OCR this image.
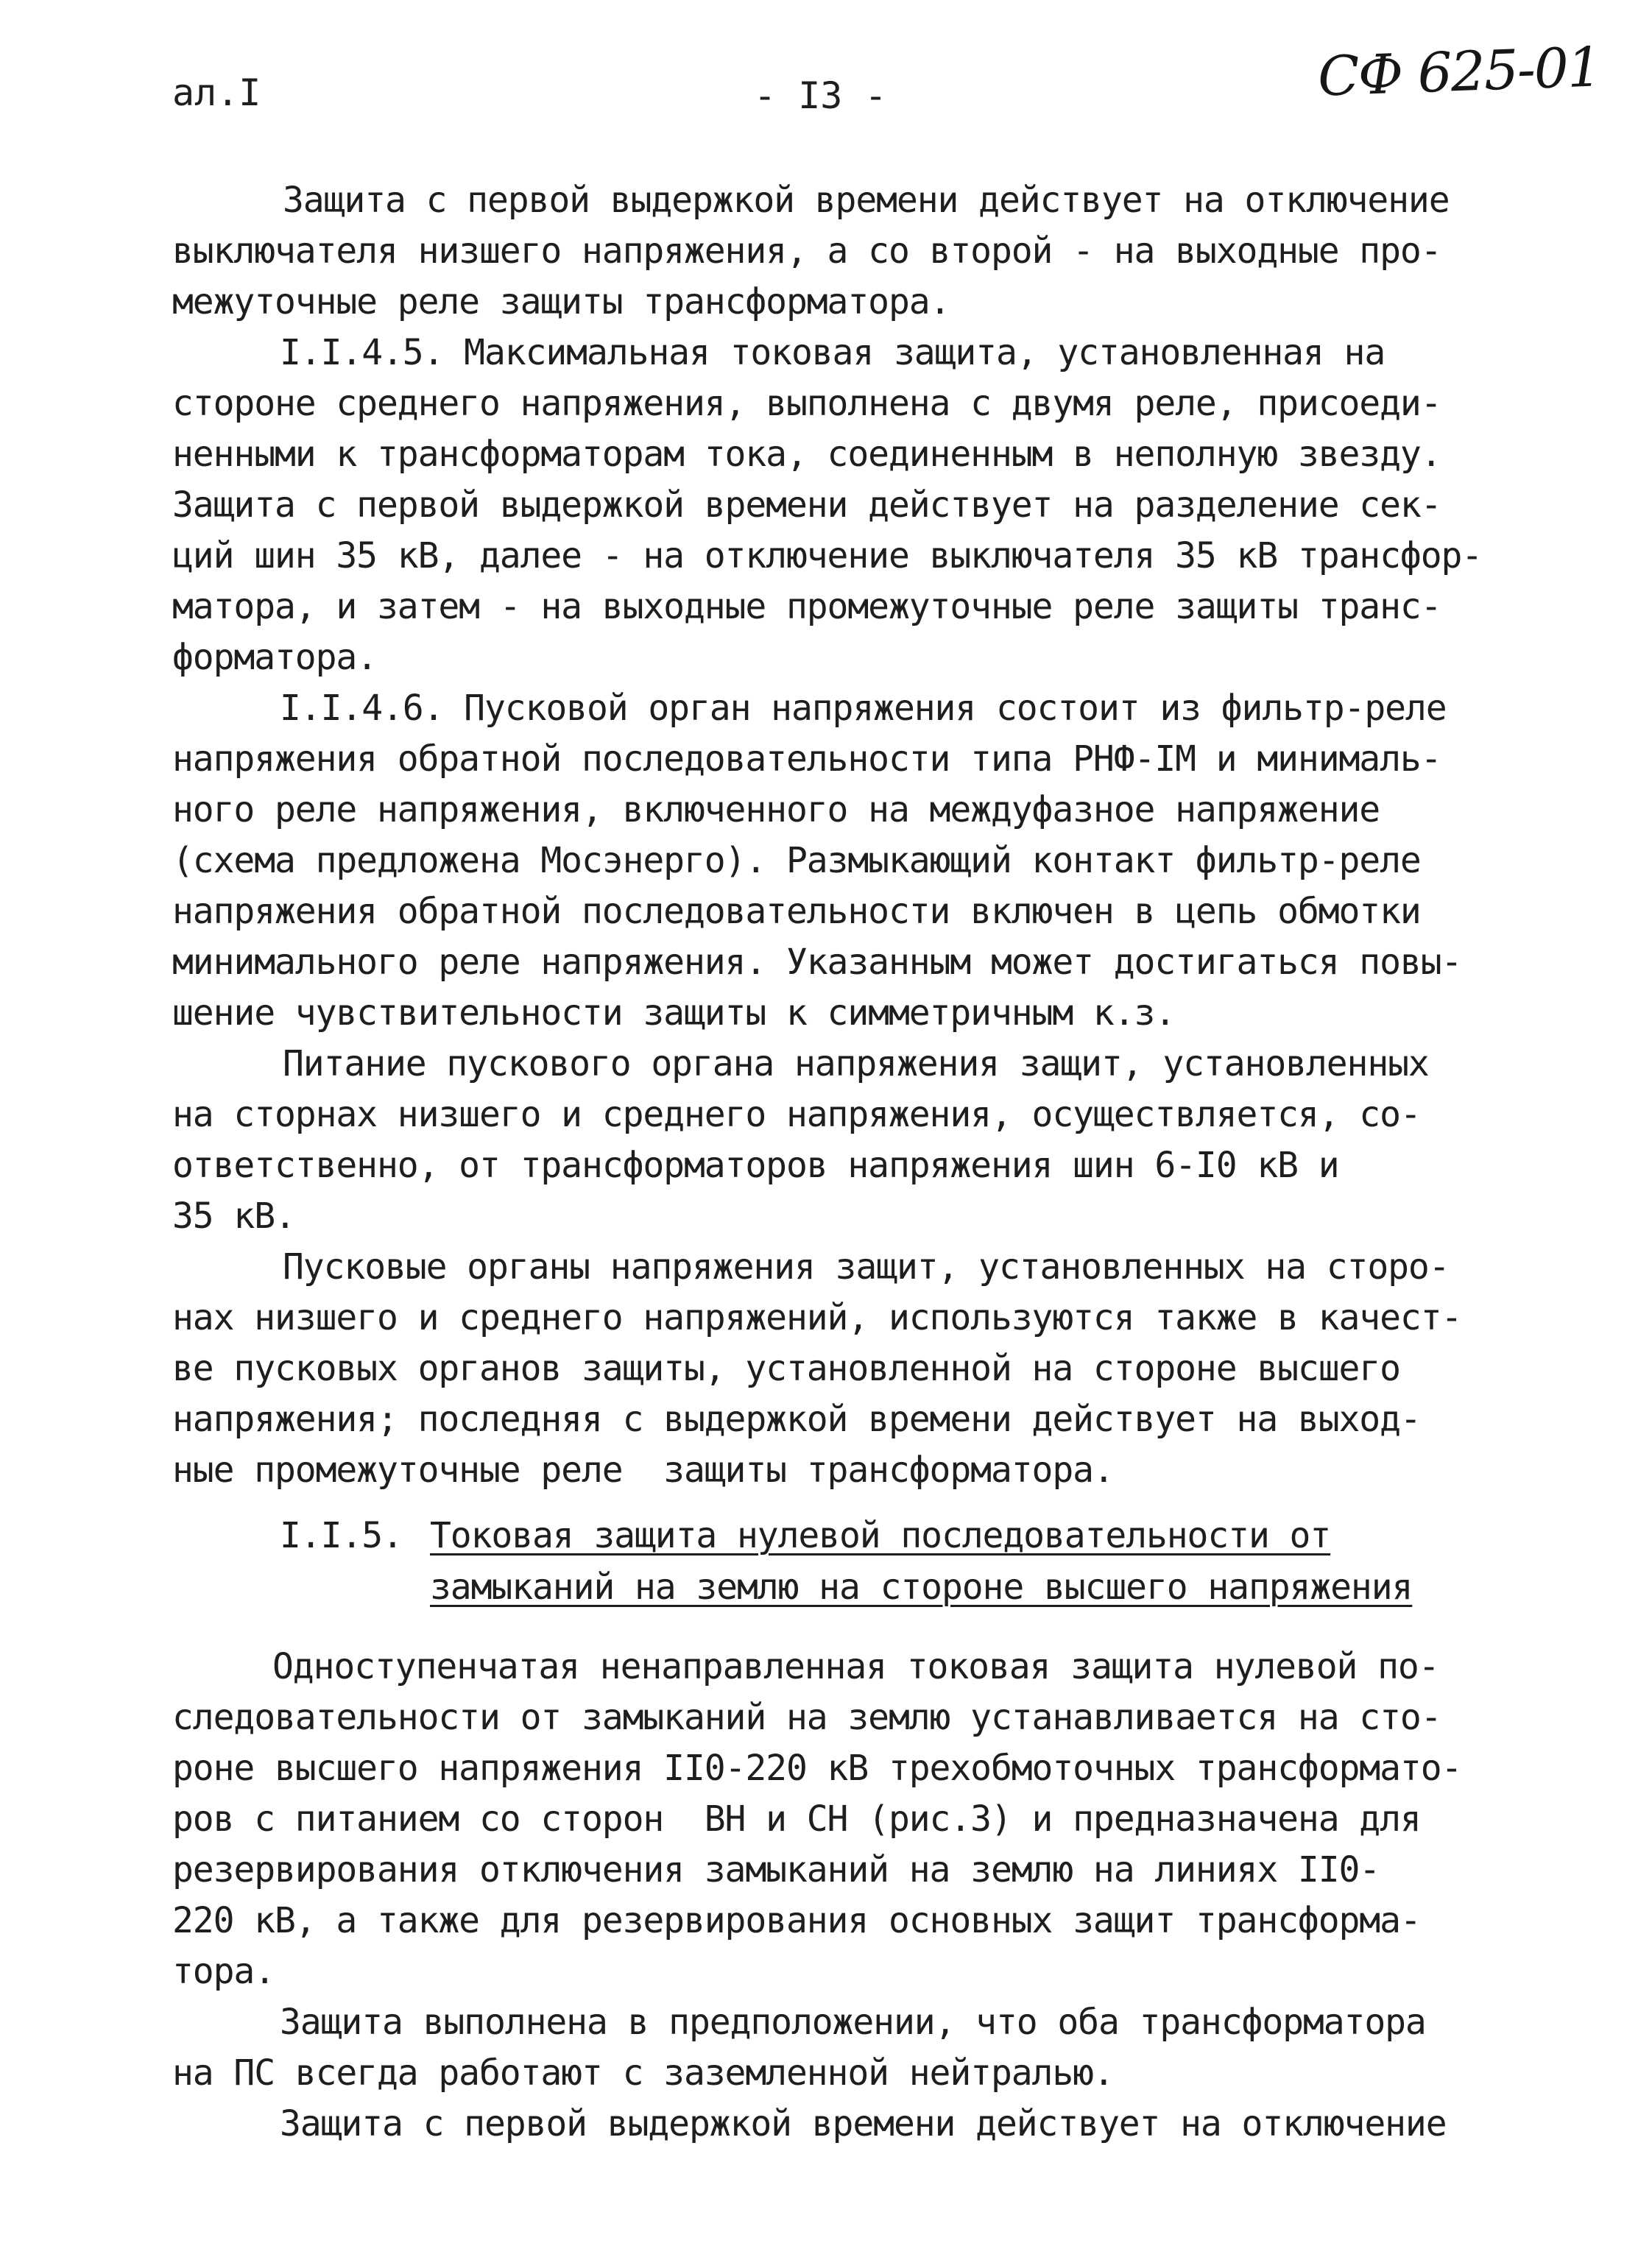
ал.I	- I3 -	СФ 625-01
Защита с первой выдержкой времени действует на отключение
выключателя низшего напряжения, а со второй - на выходные про-
межуточные реле защиты трансформатора.
I.I.4.5. Максимальная токовая защита, установленная на
стороне среднего напряжения, выполнена с двумя реле, присоеди-
ненными к трансформаторам тока, соединенным в неполную звезду.
Защита с первой выдержкой времени действует на разделение сек-
ций шин 35 кВ, далее - на отключение выключателя 35 кВ трансфор-
матора, и затем - на выходные промежуточные реле защиты транс-
форматора.
I.I.4.6. Пусковой орган напряжения состоит из фильтр-реле
напряжения обратной последовательности типа РНФ-IМ и минималь-
ного реле напряжения, включенного на междуфазное напряжение
(схема предложена Мосэнерго). Размыкающий контакт фильтр-реле
напряжения обратной последовательности включен в цепь обмотки
минимального реле напряжения. Указанным может достигаться повы-
шение чувствительности защиты к симметричным к.з.
Питание пускового органа напряжения защит, установленных
на сторнах низшего и среднего напряжения, осуществляется, со-
ответственно, от трансформаторов напряжения шин 6-I0 кВ и
35 кВ.
Пусковые органы напряжения защит, установленных на сторо-
нах низшего и среднего напряжений, используются также в качест-
ве пусковых органов защиты, установленной на стороне высшего
напряжения; последняя с выдержкой времени действует на выход-
ные промежуточные реле  защиты трансформатора.
I.I.5. Токовая защита нулевой последовательности от
замыканий на землю на стороне высшего напряжения
Одноступенчатая ненаправленная токовая защита нулевой по-
следовательности от замыканий на землю устанавливается на сто-
роне высшего напряжения II0-220 кВ трехобмоточных трансформато-
ров с питанием со сторон  ВН и СН (рис.3) и предназначена для
резервирования отключения замыканий на землю на линиях II0-
220 кВ, а также для резервирования основных защит трансформа-
тора.
Защита выполнена в предположении, что оба трансформатора
на ПС всегда работают с заземленной нейтралью.
Защита с первой выдержкой времени действует на отключение
